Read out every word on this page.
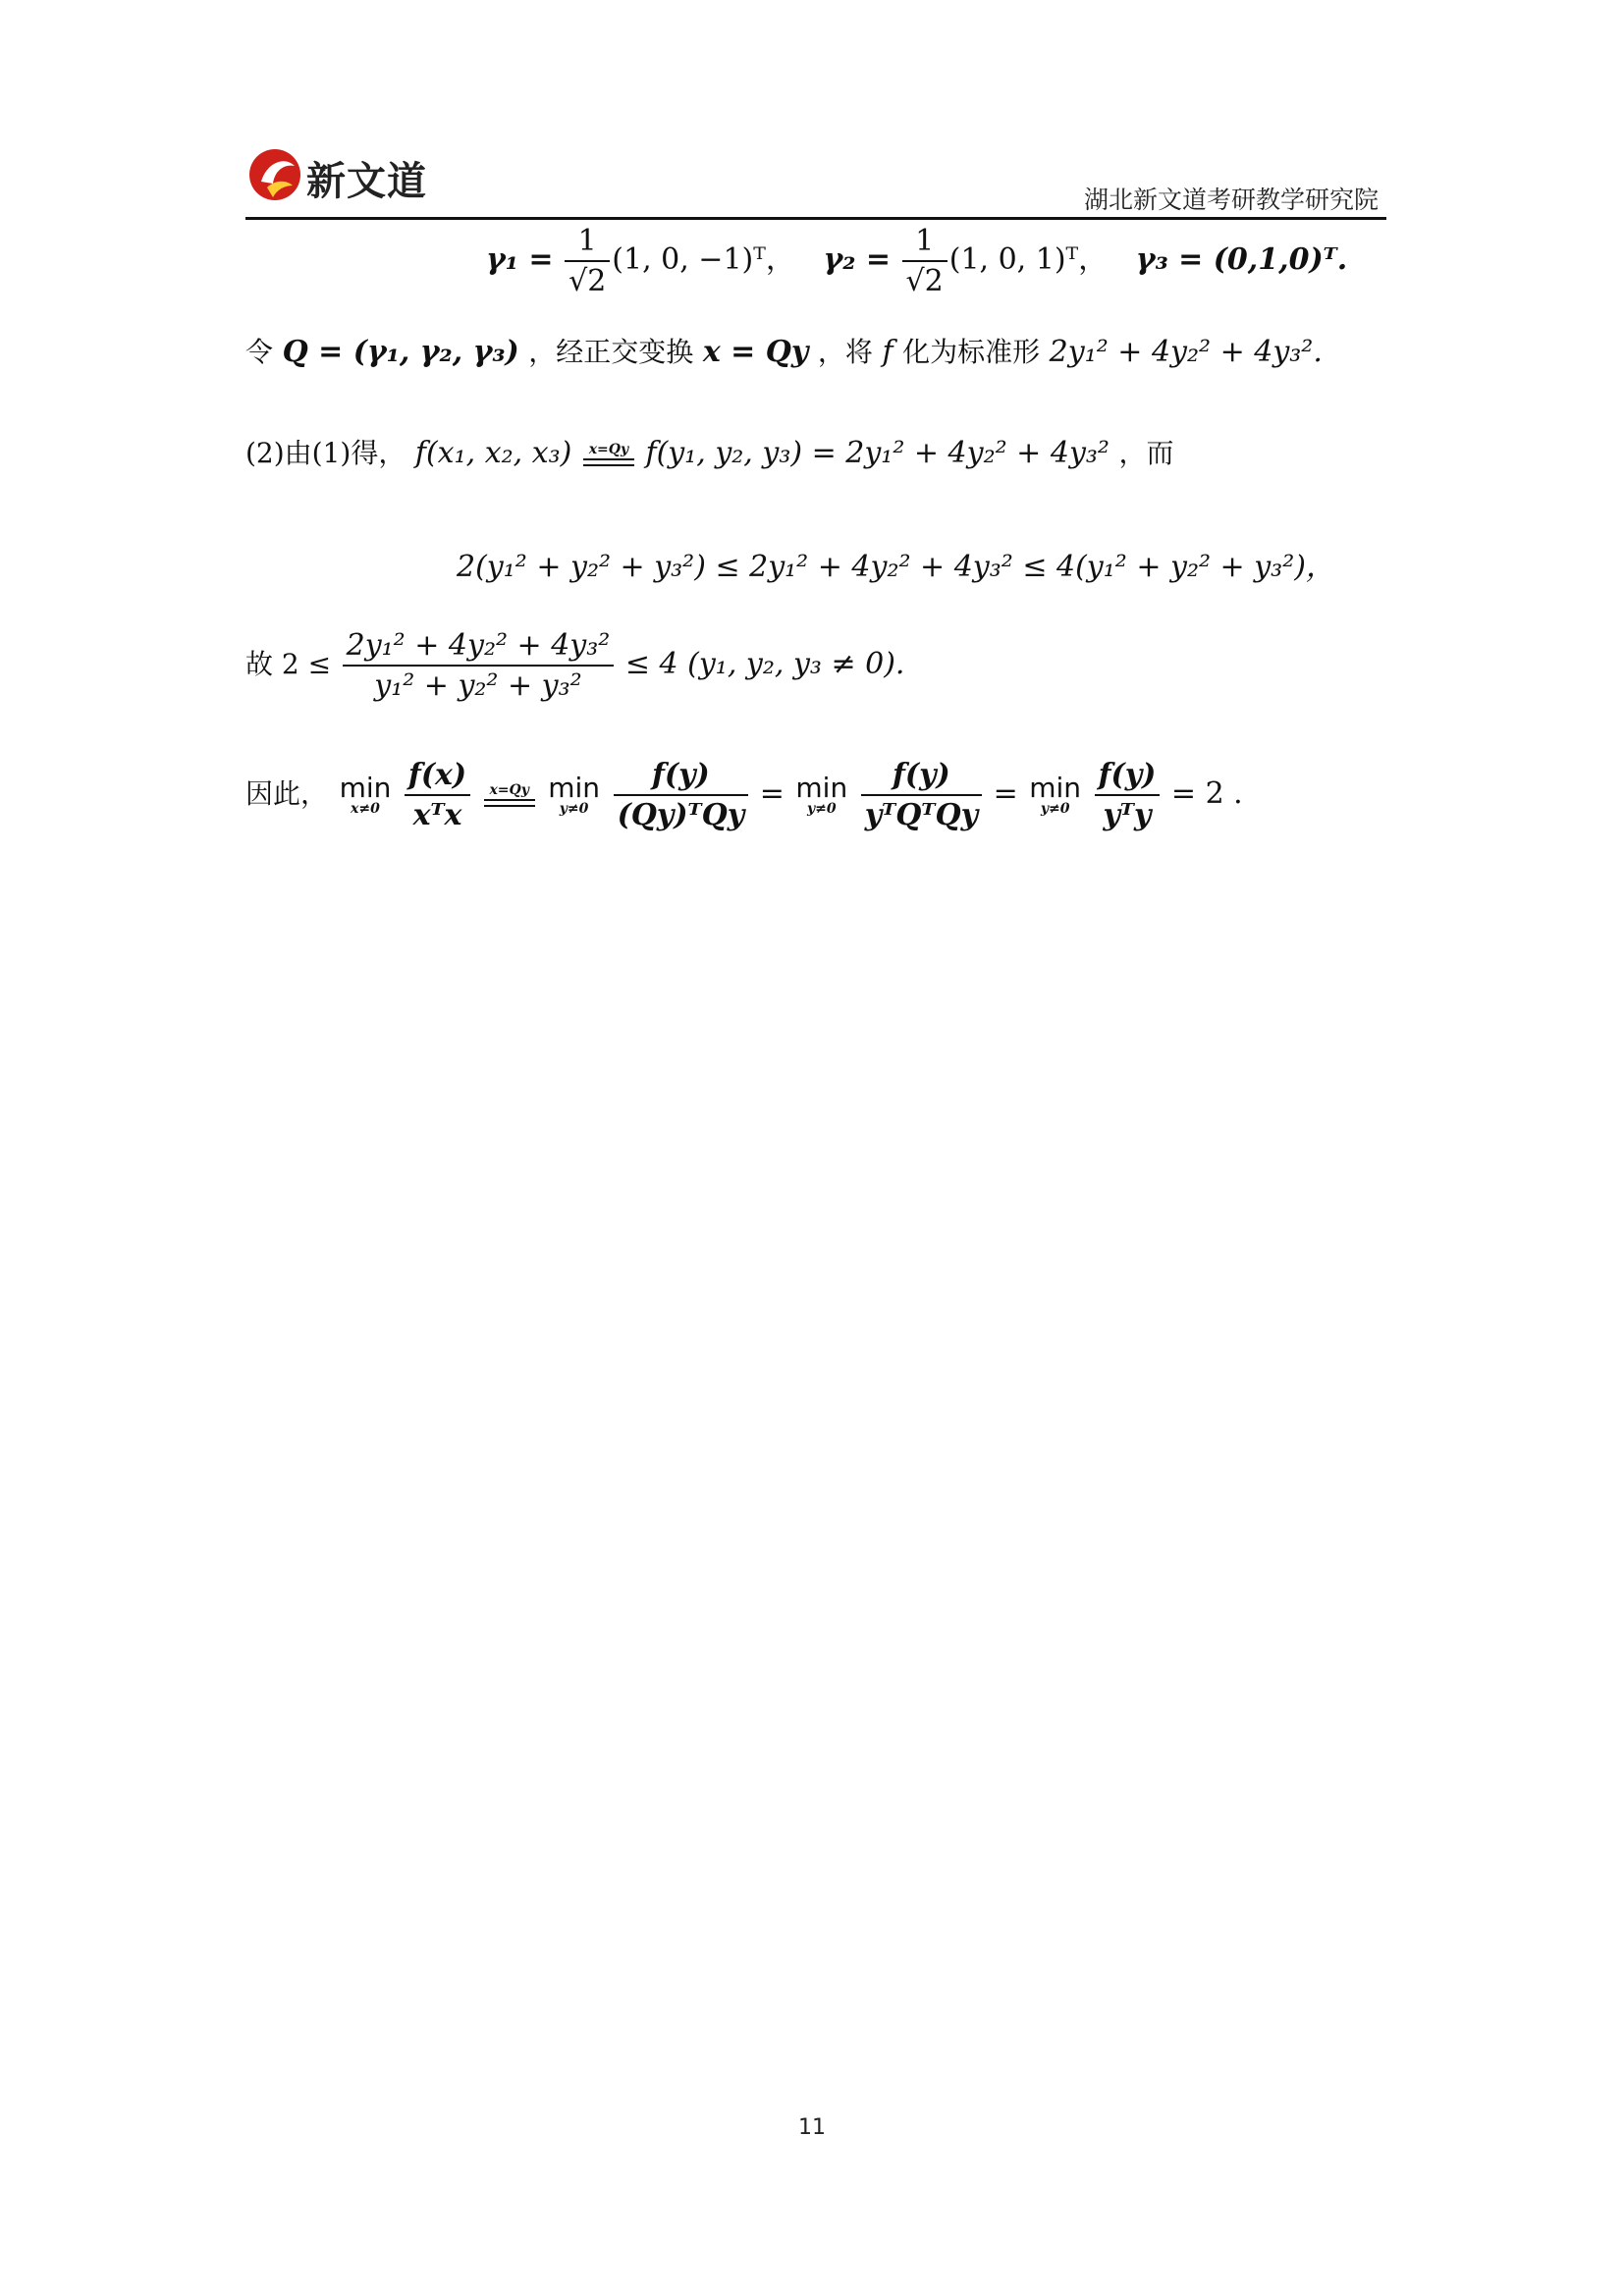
新文道	湖北新文道考研教学研究院
$\gamma_1 = \frac{1}{√2} (1$, 0, −1)ᵀ， $\gamma_2 = \frac{1}{√2} (1$, 0, 1)ᵀ， γ₃ = (0,1,0)ᵀ.
令 Q = (γ₁, γ₂, γ₃) ，经正交变换 x = Qy ，将 f 化为标准形 2y₁² + 4y₂² + 4y₃².
(2)由(1)得， f(x₁, x₂, x₃)	x=Qy f(y₁, y₂, y₃) = 2y₁² + 4y₂² + 4y₃² ，而
2(y₁² + y₂² + y₃²) ≤ 2y₁² + 4y₂² + 4y₃² ≤ 4(y₁² + y₂² + y₃²)，
故 $2 \le \frac{\text{2y₁² + 4y₂² + 4y₃²}}{\text{y₁² + y₂² + y₃²}} \le 4$ (y₁, y₂, y₃ ≠ 0).
因此， min
x≠0
$\frac{f(x)}{\text{xᵀx}}$
	x=Qy min
y≠0
$\frac{f(y)}{\text{(Qy)ᵀQy}} = \min$
y≠0
$\frac{f(y)}{\text{yᵀQᵀQy}} = \min$
y≠0
$\frac{f(y)}{\text{yᵀy}} = 2$ .
11
